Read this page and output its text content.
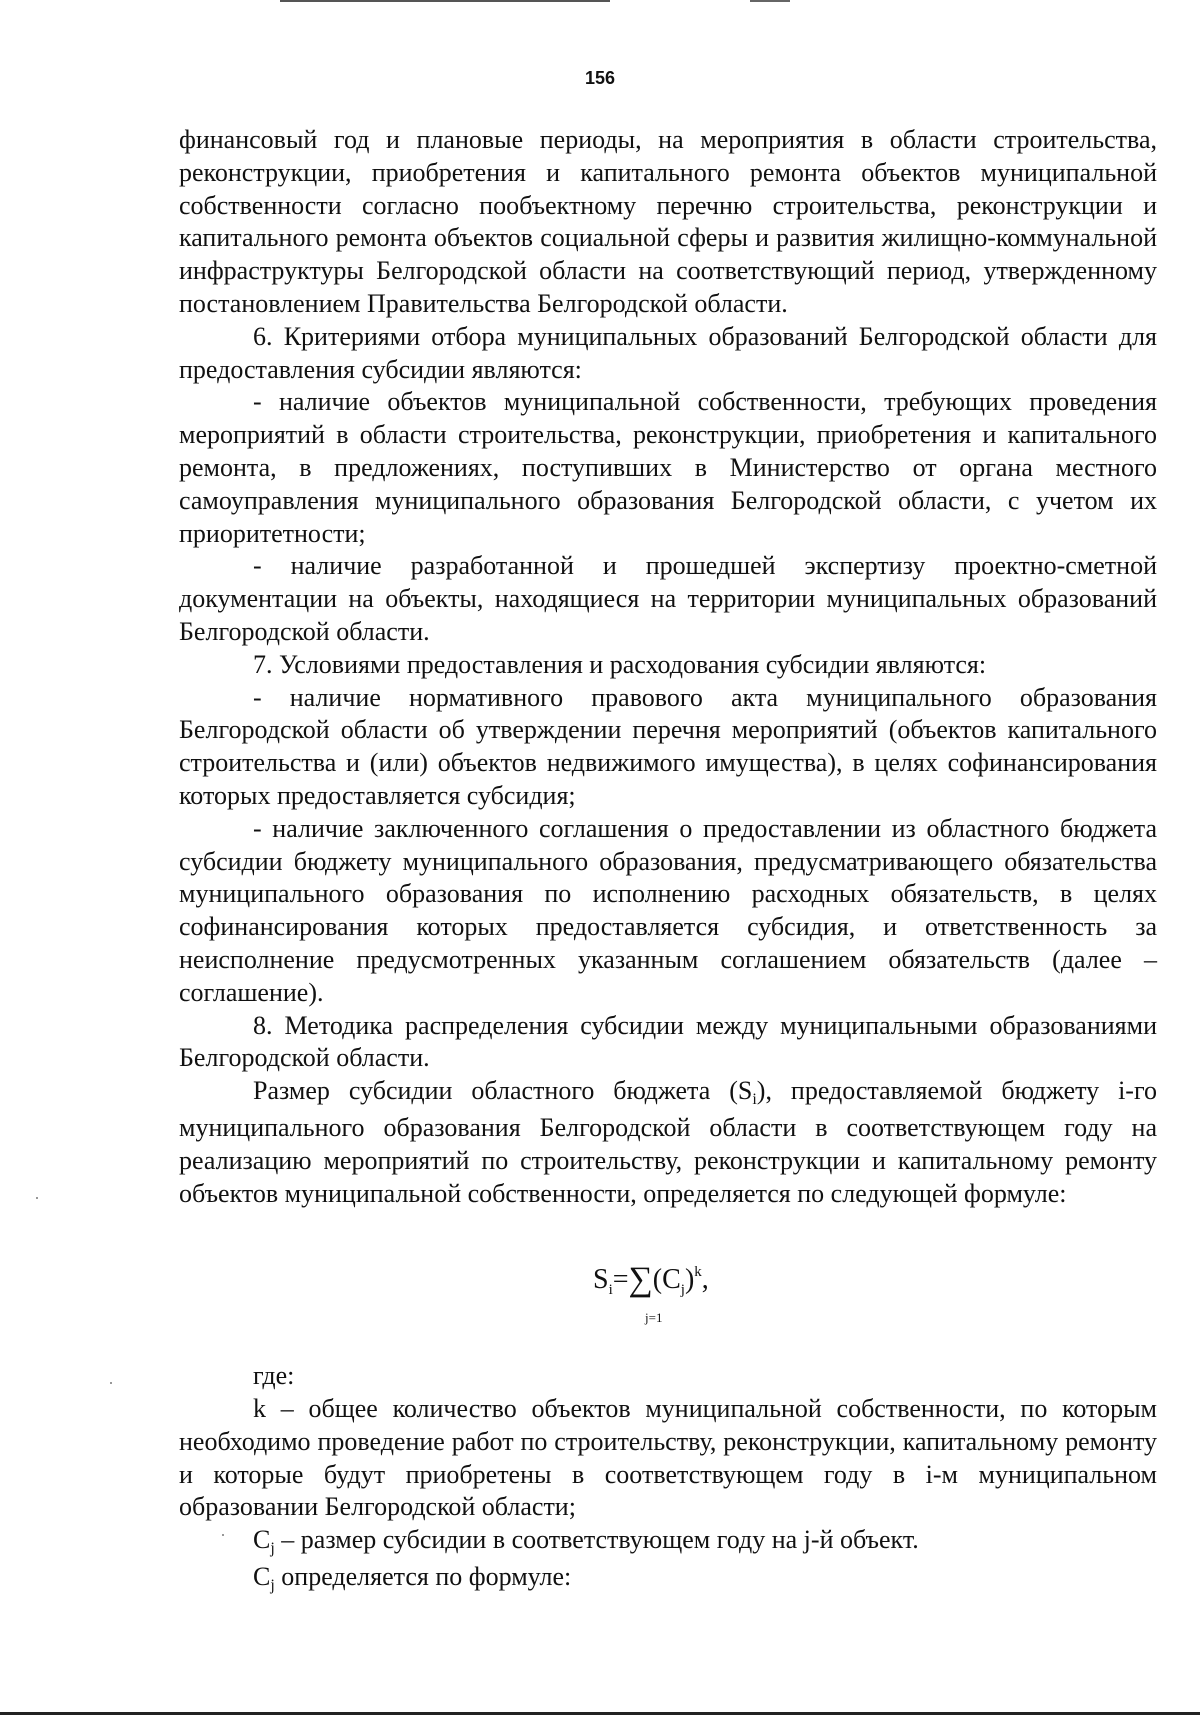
156

финансовый год и плановые периоды, на мероприятия в области строительства, реконструкции, приобретения и капитального ремонта объектов муниципальной собственности согласно пообъектному перечню строительства, реконструкции и капитального ремонта объектов социальной сферы и развития жилищно-коммунальной инфраструктуры Белгородской области на соответствующий период, утвержденному постановлением Правительства Белгородской области.

6. Критериями отбора муниципальных образований Белгородской области для предоставления субсидии являются:

- наличие объектов муниципальной собственности, требующих проведения мероприятий в области строительства, реконструкции, приобретения и капитального ремонта, в предложениях, поступивших в Министерство от органа местного самоуправления муниципального образования Белгородской области, с учетом их приоритетности;

- наличие разработанной и прошедшей экспертизу проектно-сметной документации на объекты, находящиеся на территории муниципальных образований Белгородской области.

7. Условиями предоставления и расходования субсидии являются:

- наличие нормативного правового акта муниципального образования Белгородской области об утверждении перечня мероприятий (объектов капитального строительства и (или) объектов недвижимого имущества), в целях софинансирования которых предоставляется субсидия;

- наличие заключенного соглашения о предоставлении из областного бюджета субсидии бюджету муниципального образования, предусматривающего обязательства муниципального образования по исполнению расходных обязательств, в целях софинансирования которых предоставляется субсидия, и ответственность за неисполнение предусмотренных указанным соглашением обязательств (далее – соглашение).

8. Методика распределения субсидии между муниципальными образованиями Белгородской области.

Размер субсидии областного бюджета (Si), предоставляемой бюджету i-го муниципального образования Белгородской области в соответствующем году на реализацию мероприятий по строительству, реконструкции и капитальному ремонту объектов муниципальной собственности, определяется по следующей формуле:

$S_i=\sum(C_j)^k$,
j=1

где:

k – общее количество объектов муниципальной собственности, по которым необходимо проведение работ по строительству, реконструкции, капитальному ремонту и которые будут приобретены в соответствующем году в i-м муниципальном образовании Белгородской области;

Cj – размер субсидии в соответствующем году на j-й объект.

Cj определяется по формуле:
